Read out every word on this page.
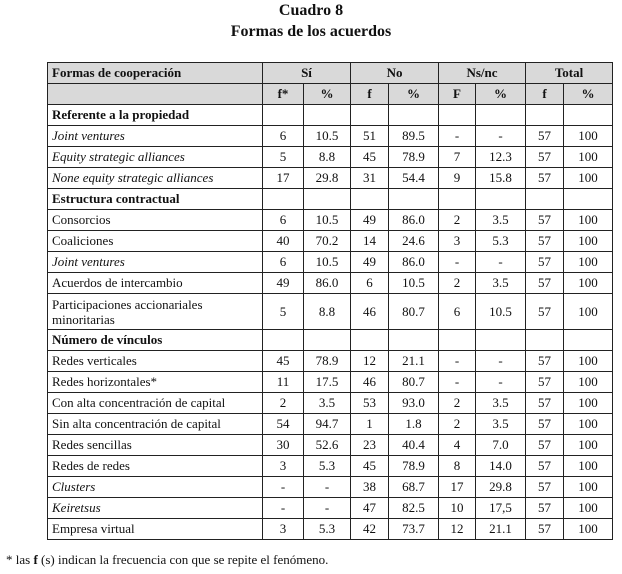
Cuadro 8
Formas de los acuerdos
Formas de cooperación	Sí		No		Ns/nc		Total	
	f*	%	f	%	F	%	f	%
Referente a la propiedad								
Joint ventures	6	10.5	51	89.5	-	-	57	100
Equity strategic alliances	5	8.8	45	78.9	7	12.3	57	100
None equity strategic alliances	17	29.8	31	54.4	9	15.8	57	100
Estructura contractual								
Consorcios	6	10.5	49	86.0	2	3.5	57	100
Coaliciones	40	70.2	14	24.6	3	5.3	57	100
Joint ventures	6	10.5	49	86.0	-	-	57	100
Acuerdos de intercambio	49	86.0	6	10.5	2	3.5	57	100
Participaciones accionariales minoritarias	5	8.8	46	80.7	6	10.5	57	100
Número de vínculos								
Redes verticales	45	78.9	12	21.1	-	-	57	100
Redes horizontales*	11	17.5	46	80.7	-	-	57	100
Con alta concentración de capital	2	3.5	53	93.0	2	3.5	57	100
Sin alta concentración de capital	54	94.7	1	1.8	2	3.5	57	100
Redes sencillas	30	52.6	23	40.4	4	7.0	57	100
Redes de redes	3	5.3	45	78.9	8	14.0	57	100
Clusters	-	-	38	68.7	17	29.8	57	100
Keiretsus	-	-	47	82.5	10	17,5	57	100
Empresa virtual	3	5.3	42	73.7	12	21.1	57	100
* las f (s) indican la frecuencia con que se repite el fenómeno.
